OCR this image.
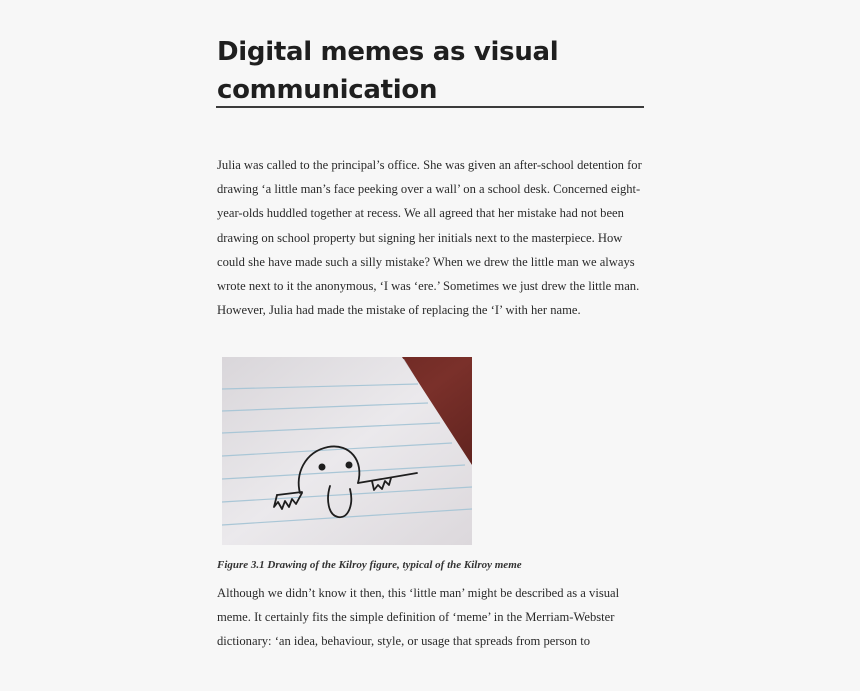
Digital memes as visual communication

Julia was called to the principal’s office. She was given an after-school detention for drawing ‘a little man’s face peeking over a wall’ on a school desk. Concerned eight-year-olds huddled together at recess. We all agreed that her mistake had not been drawing on school property but signing her initials next to the masterpiece. How could she have made such a silly mistake? When we drew the little man we always wrote next to it the anonymous, ‘I was ‘ere.’ Sometimes we just drew the little man. However, Julia had made the mistake of replacing the ‘I’ with her name.

Figure 3.1 Drawing of the Kilroy figure, typical of the Kilroy meme

Although we didn’t know it then, this ‘little man’ might be described as a visual meme. It certainly fits the simple definition of ‘meme’ in the Merriam-Webster dictionary: ‘an idea, behaviour, style, or usage that spreads from person to
